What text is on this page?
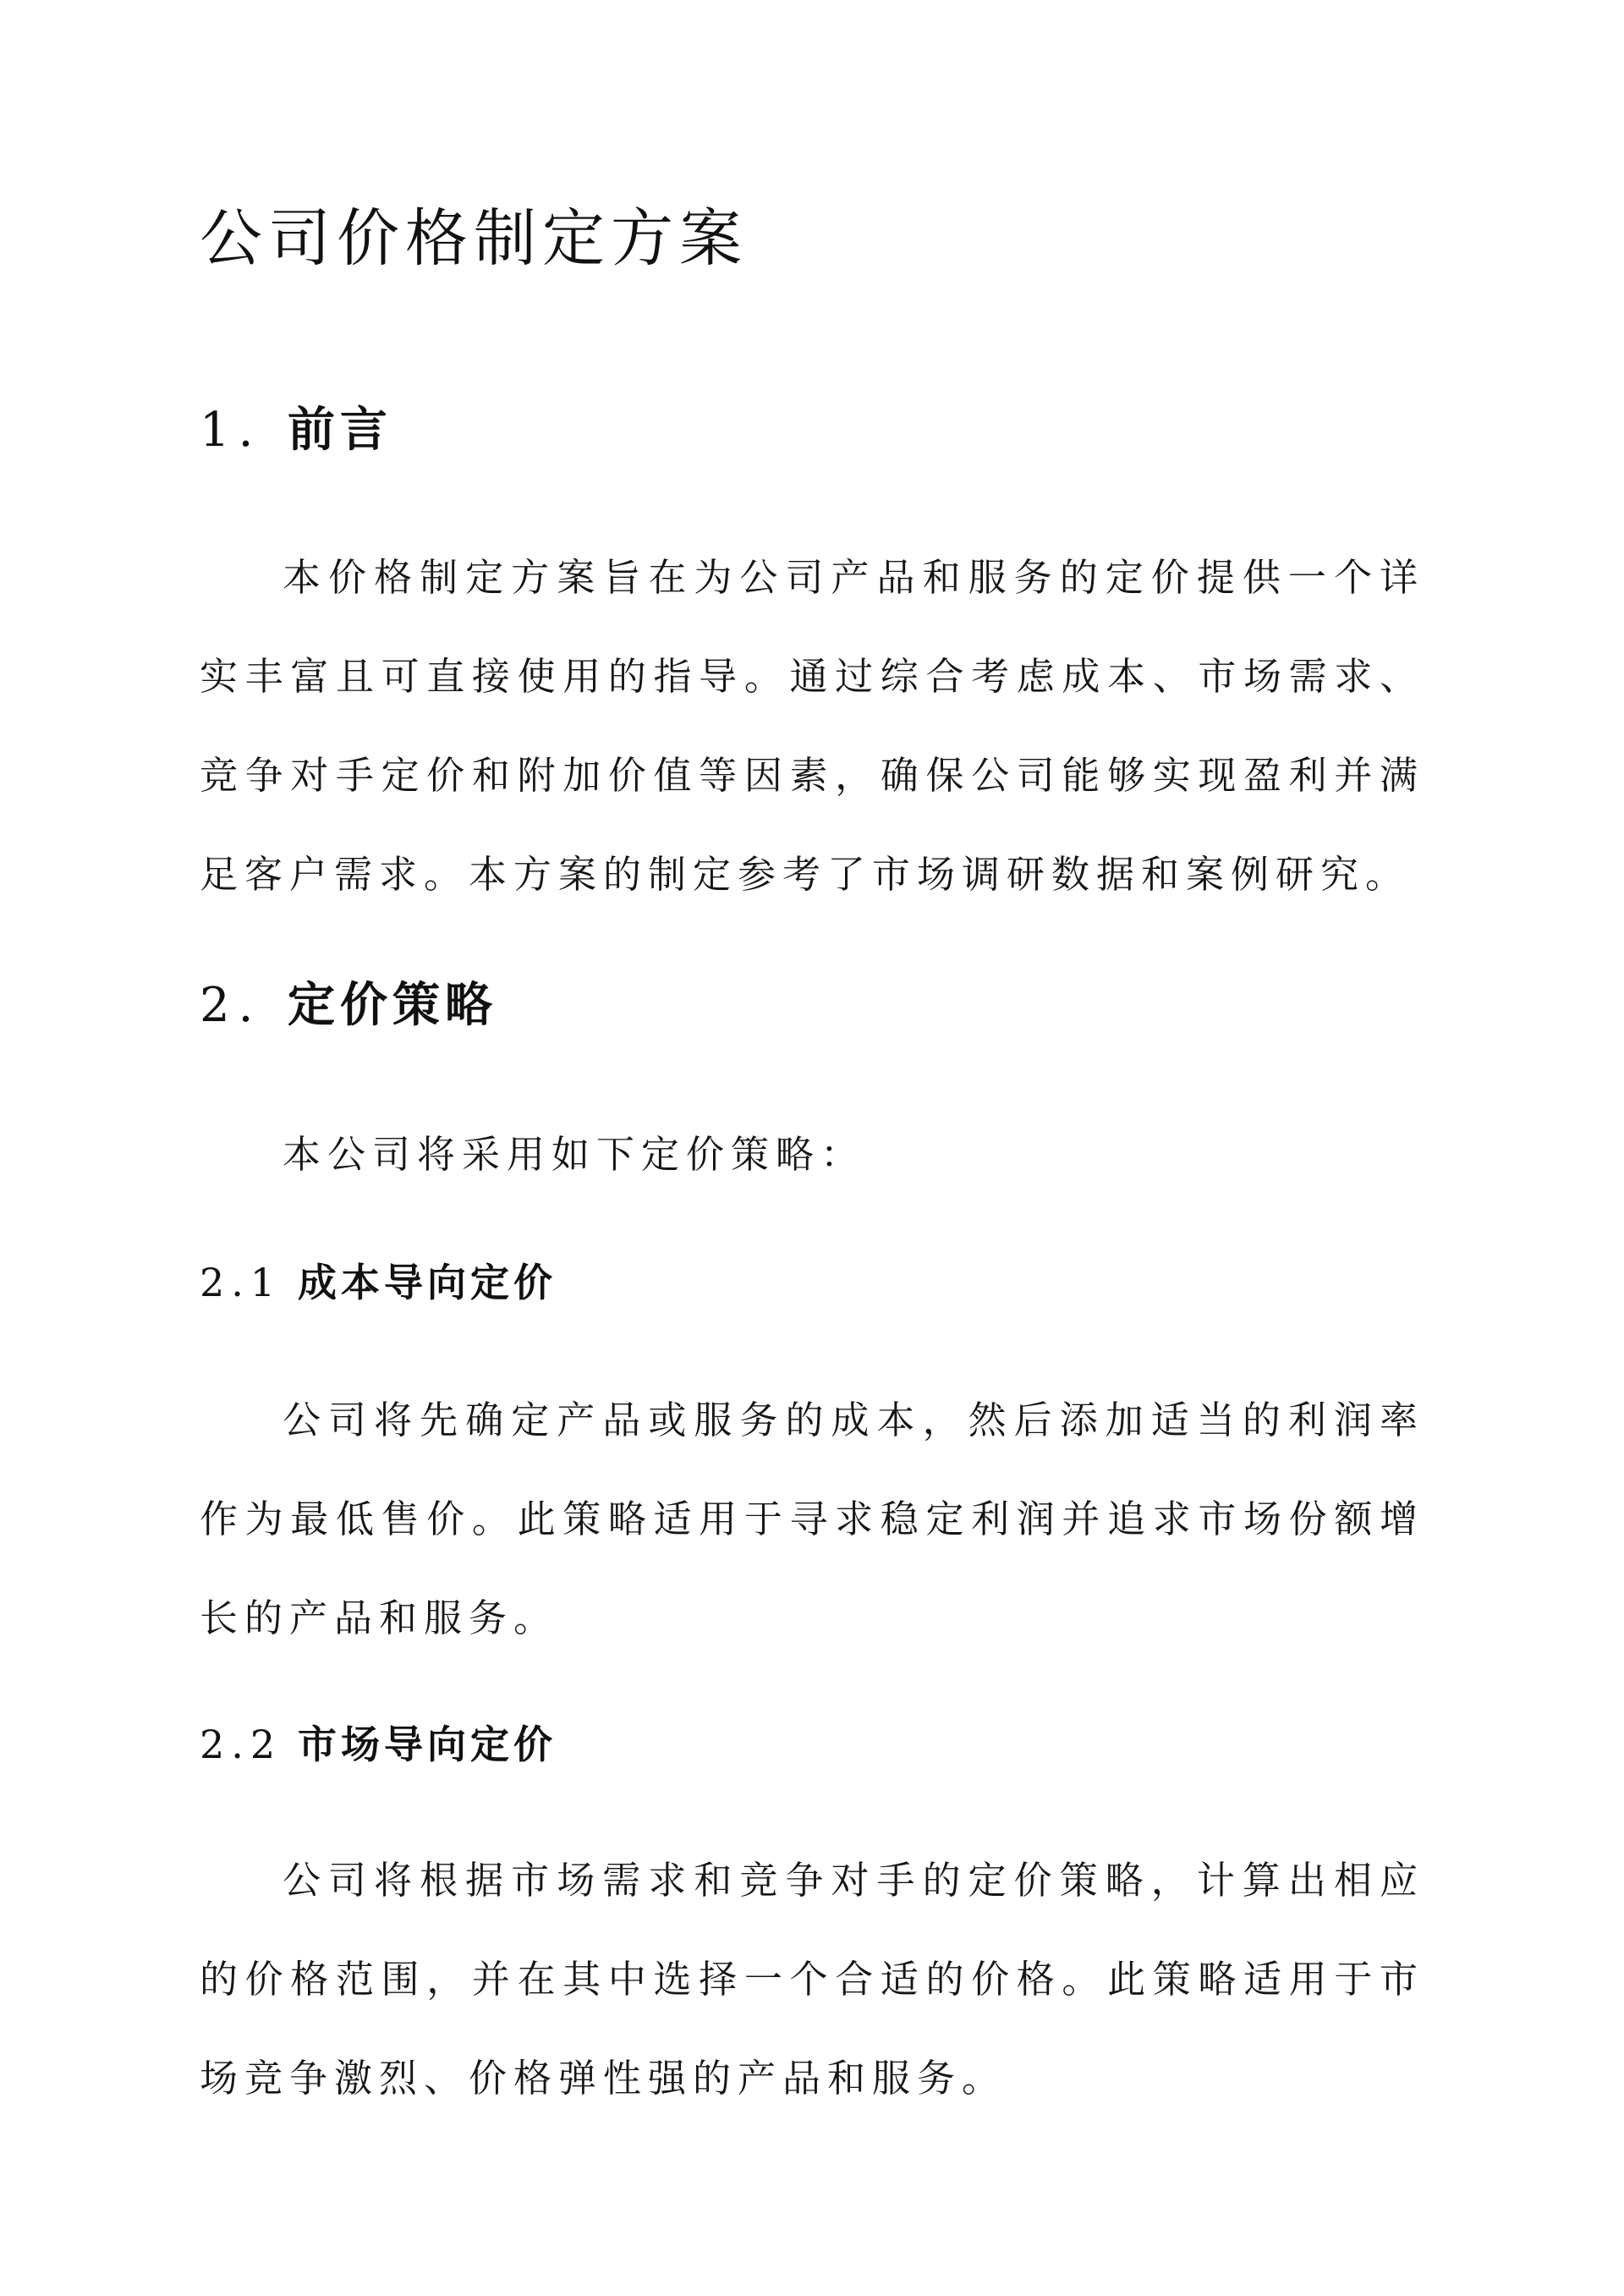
公司价格制定方案
1. 前言

本价格制定方案旨在为公司产品和服务的定价提供一个详实丰富且可直接使用的指导。通过综合考虑成本、市场需求、竞争对手定价和附加价值等因素，确保公司能够实现盈利并满足客户需求。本方案的制定参考了市场调研数据和案例研究。

2. 定价策略

本公司将采用如下定价策略：

2.1 成本导向定价

公司将先确定产品或服务的成本，然后添加适当的利润率作为最低售价。此策略适用于寻求稳定利润并追求市场份额增长的产品和服务。

2.2 市场导向定价

公司将根据市场需求和竞争对手的定价策略，计算出相应的价格范围，并在其中选择一个合适的价格。此策略适用于市场竞争激烈、价格弹性强的产品和服务。
